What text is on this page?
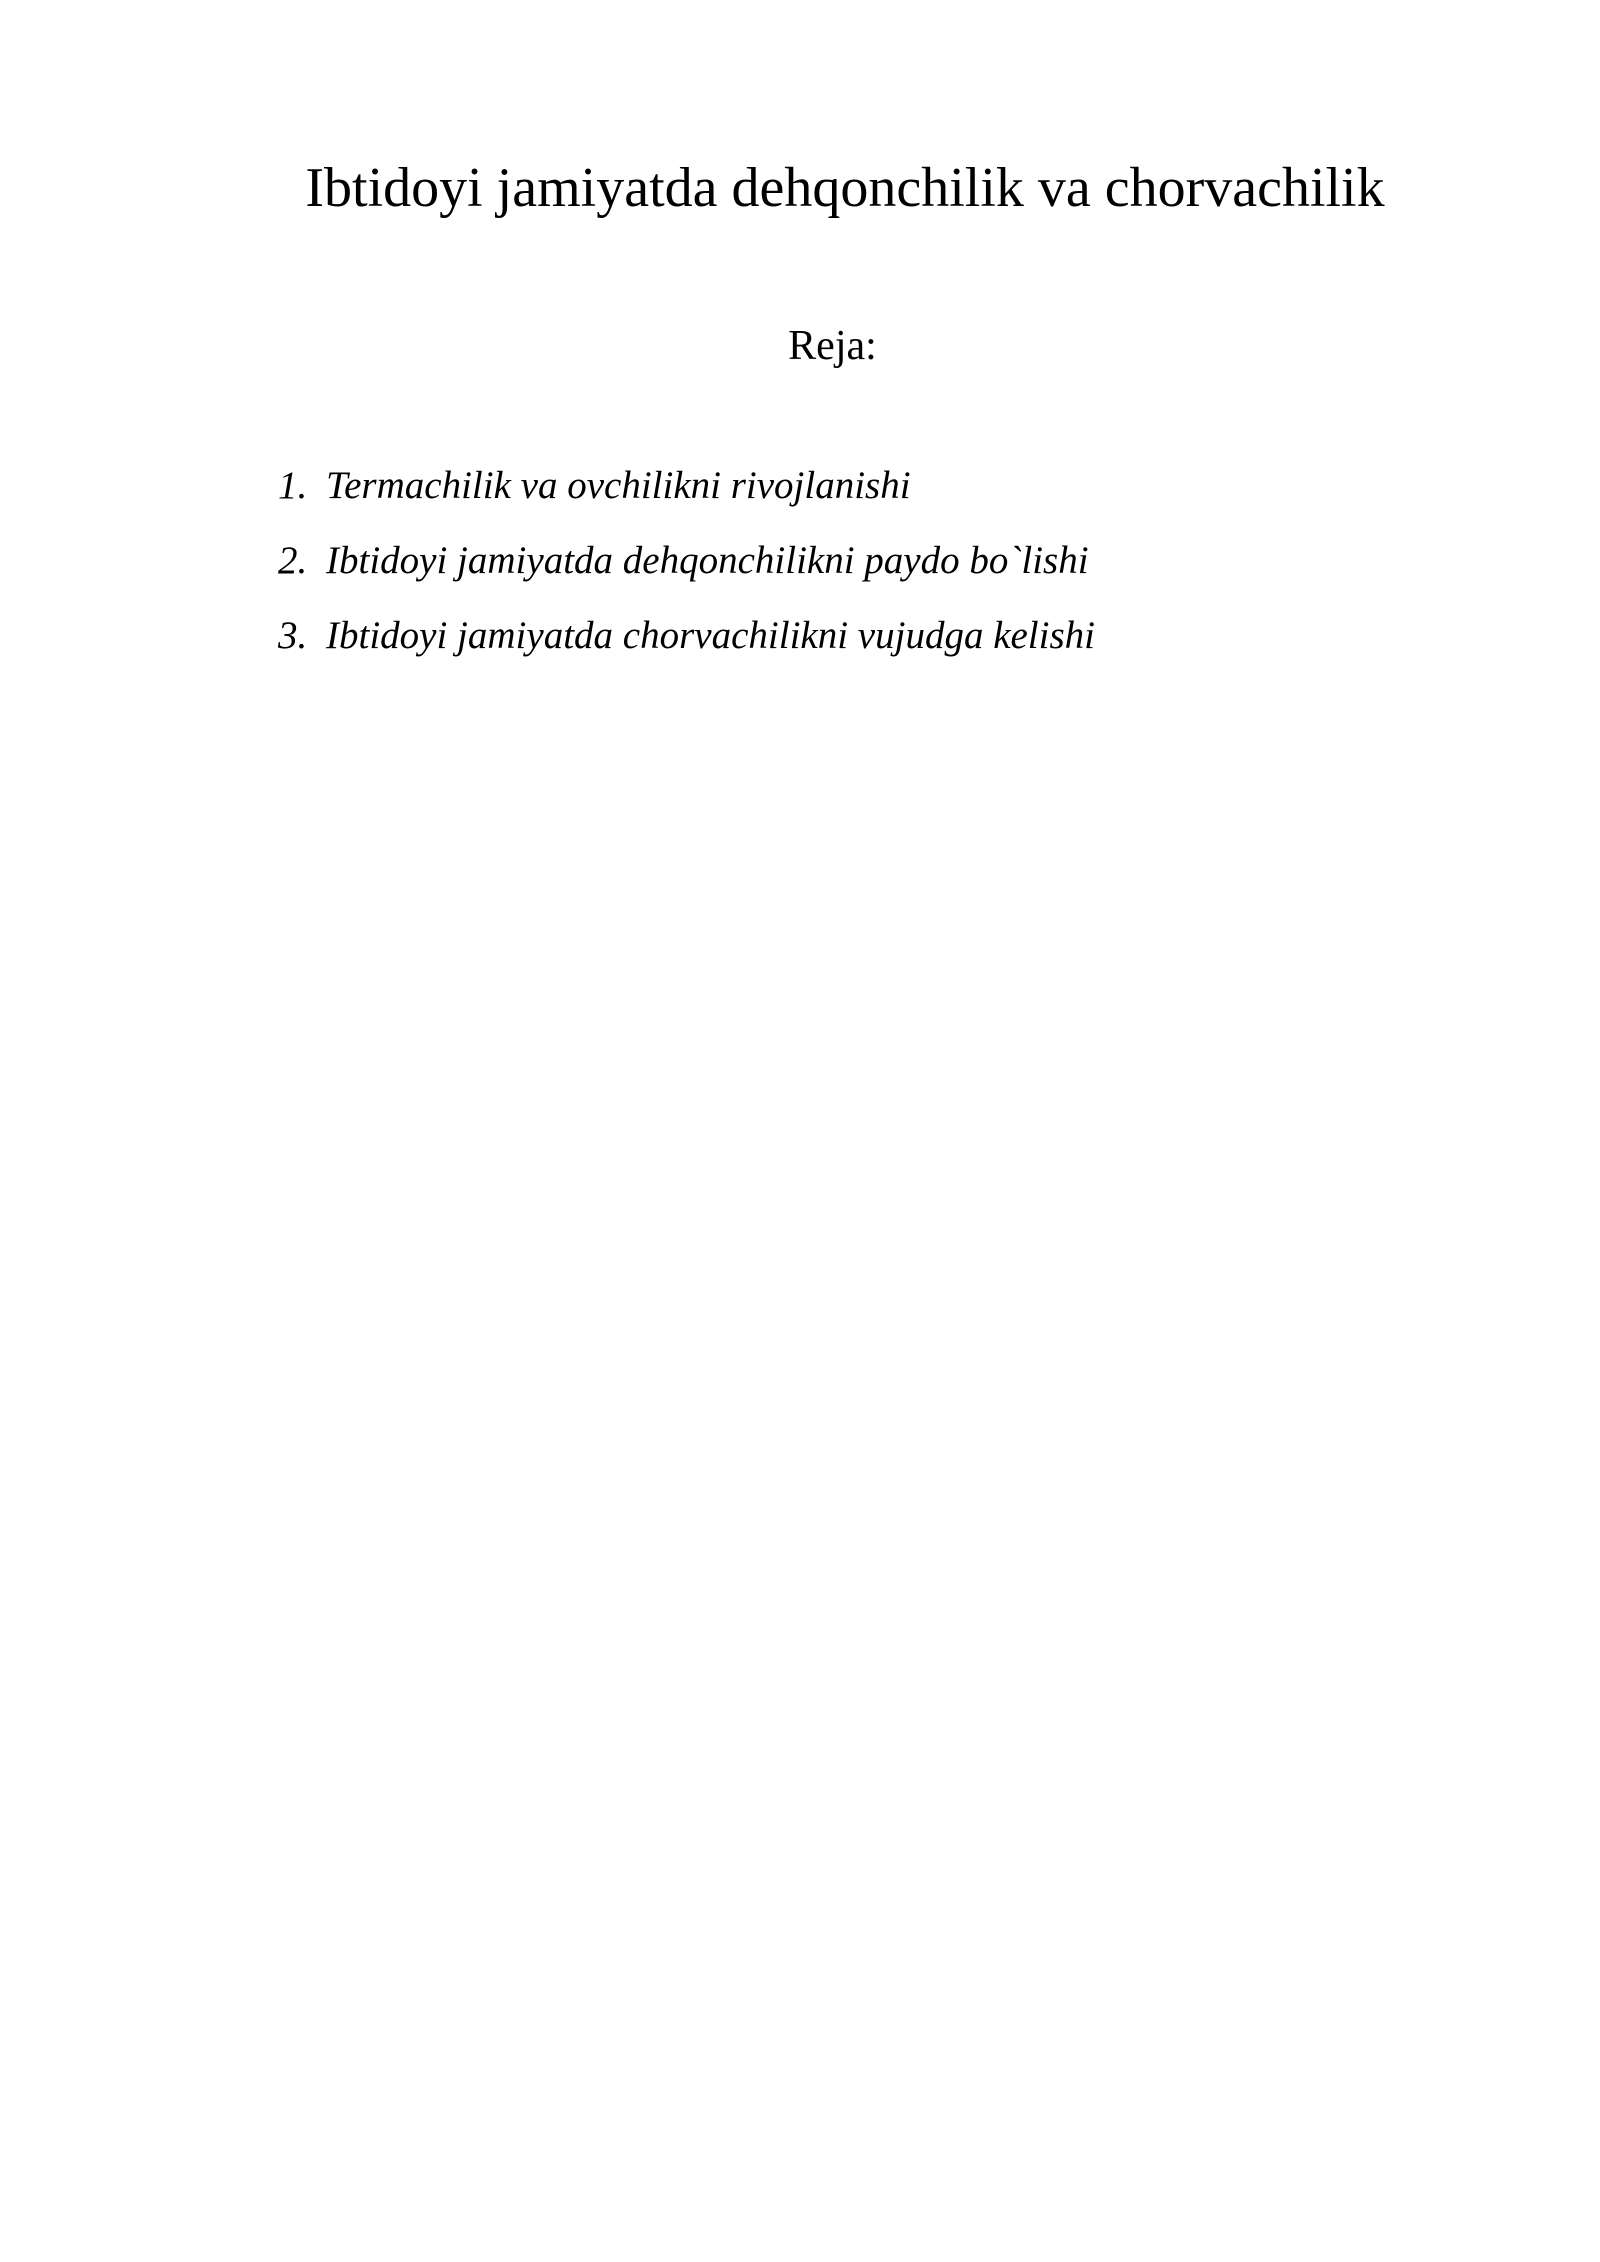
Ibtidoyi jamiyatda dehqonchilik va chorvachilik
Reja:
1. Termachilik va ovchilikni rivojlanishi
2. Ibtidoyi jamiyatda dehqonchilikni paydo bo`lishi
3. Ibtidoyi jamiyatda chorvachilikni vujudga kelishi
